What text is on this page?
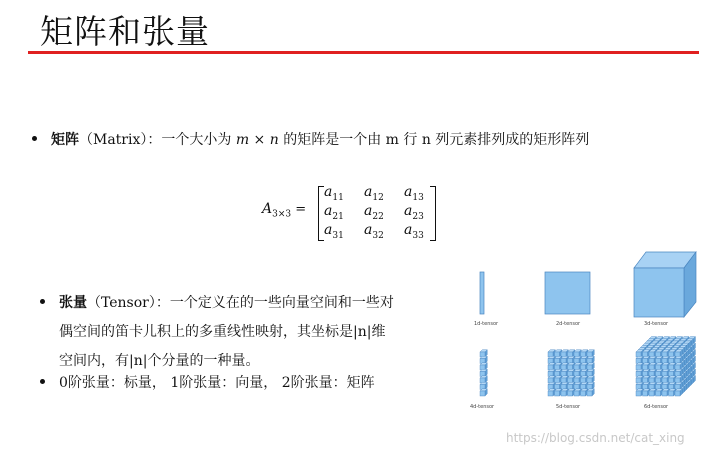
矩阵和张量
矩阵（Matrix）：一个大小为 m × n 的矩阵是一个由 m 行 n 列元素排列成的矩形阵列
$A_{3\times 3}$ =
$a_{11}$	$a_{12}$	$a_{13}$
$a_{21}$	$a_{22}$	$a_{23}$
$a_{31}$	$a_{32}$	$a_{33}$
张量（Tensor）：一个定义在的一些向量空间和一些对
偶空间的笛卡儿积上的多重线性映射，其坐标是|n|维
空间内，有|n|个分量的一种量。
0阶张量：标量， 1阶张量：向量， 2阶张量：矩阵
1d-tensor	2d-tensor	3d-tensor
4d-tensor	5d-tensor	6d-tensor
https://blog.csdn.net/cat_xing
